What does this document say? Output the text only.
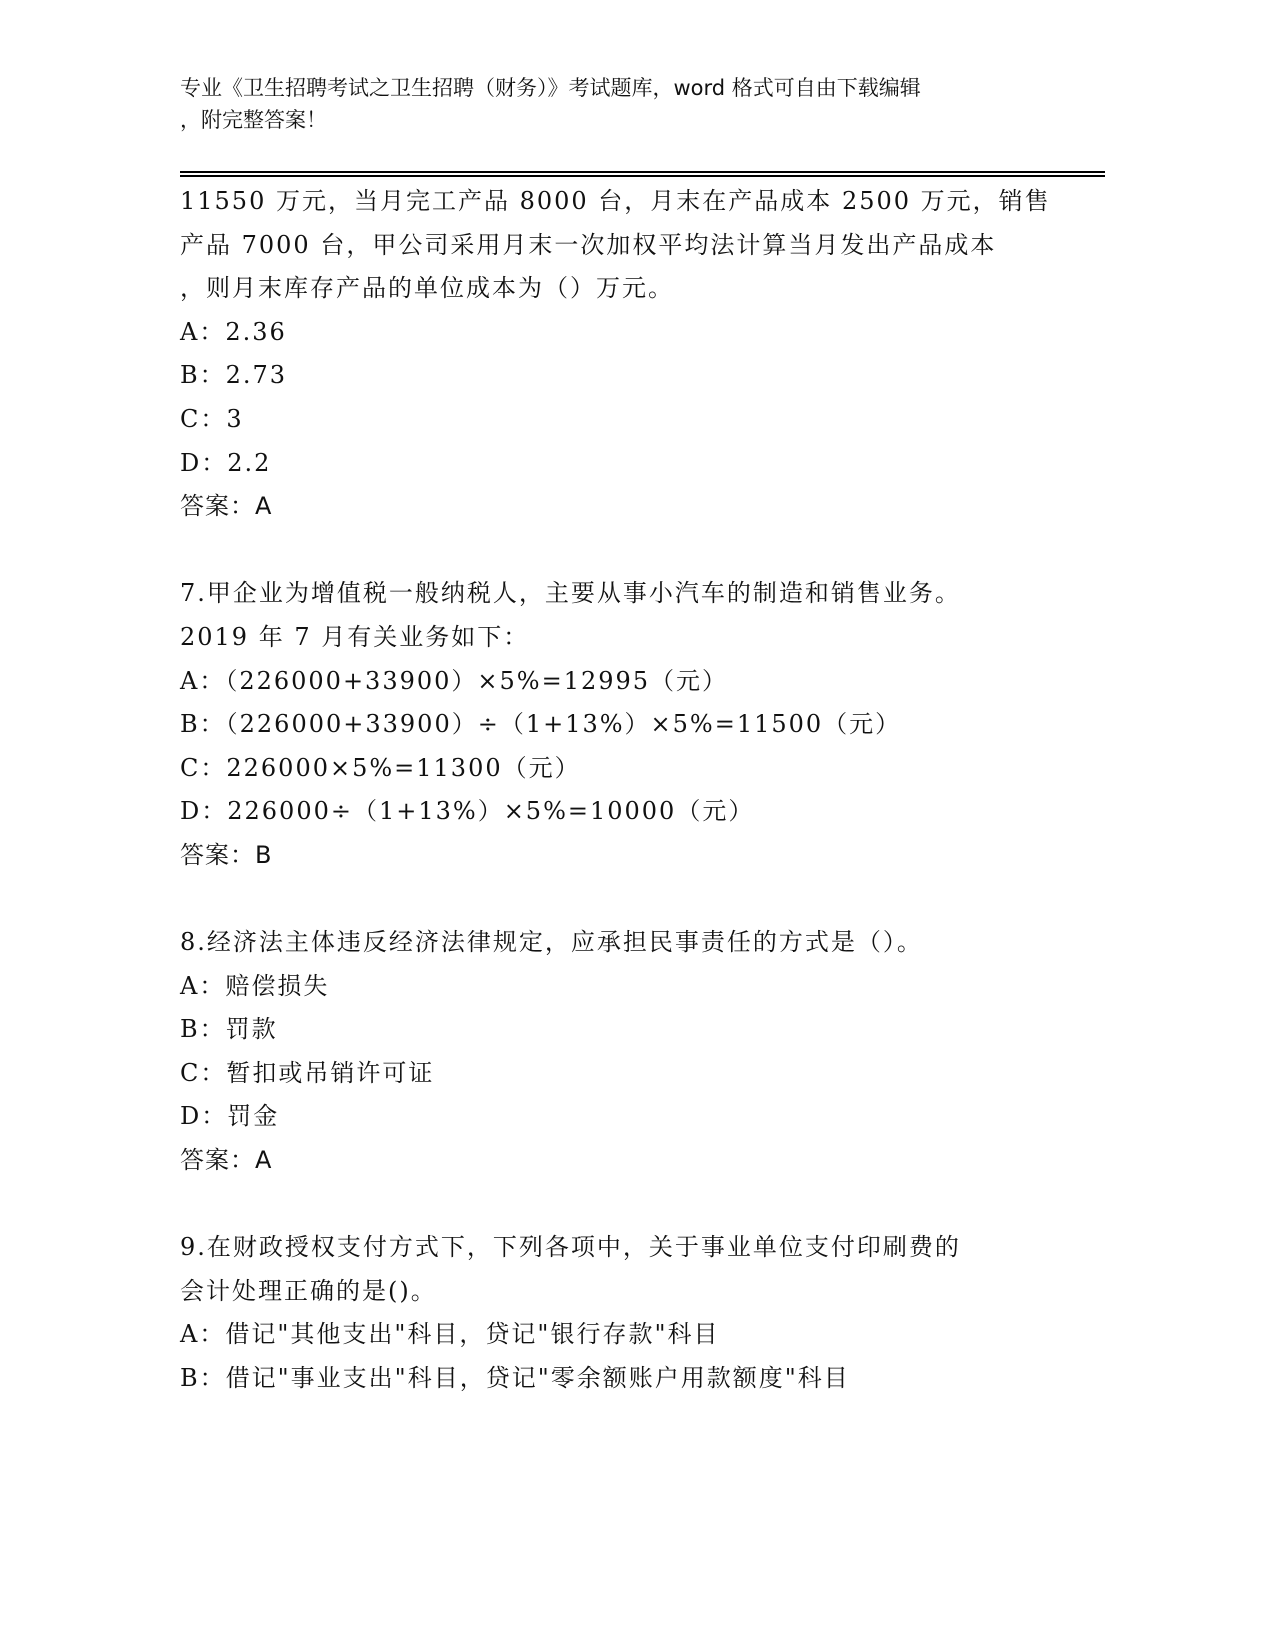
专业《卫生招聘考试之卫生招聘（财务）》考试题库，word 格式可自由下载编辑
，附完整答案！
11550 万元，当月完工产品 8000 台，月末在产品成本 2500 万元，销售
产品 7000 台，甲公司采用月末一次加权平均法计算当月发出产品成本
，则月末库存产品的单位成本为（）万元。
A：2.36
B：2.73
C：3
D：2.2
答案：A
7.甲企业为增值税一般纳税人，主要从事小汽车的制造和销售业务。
2019 年 7 月有关业务如下：
A：（226000+33900）×5%=12995（元）
B：（226000+33900）÷（1+13%）×5%=11500（元）
C：226000×5%=11300（元）
D：226000÷（1+13%）×5%=10000（元）
答案：B
8.经济法主体违反经济法律规定，应承担民事责任的方式是（）。
A：赔偿损失
B：罚款
C：暂扣或吊销许可证
D：罚金
答案：A
9.在财政授权支付方式下，下列各项中，关于事业单位支付印刷费的
会计处理正确的是()。
A：借记"其他支出"科目，贷记"银行存款"科目
B：借记"事业支出"科目，贷记"零余额账户用款额度"科目
